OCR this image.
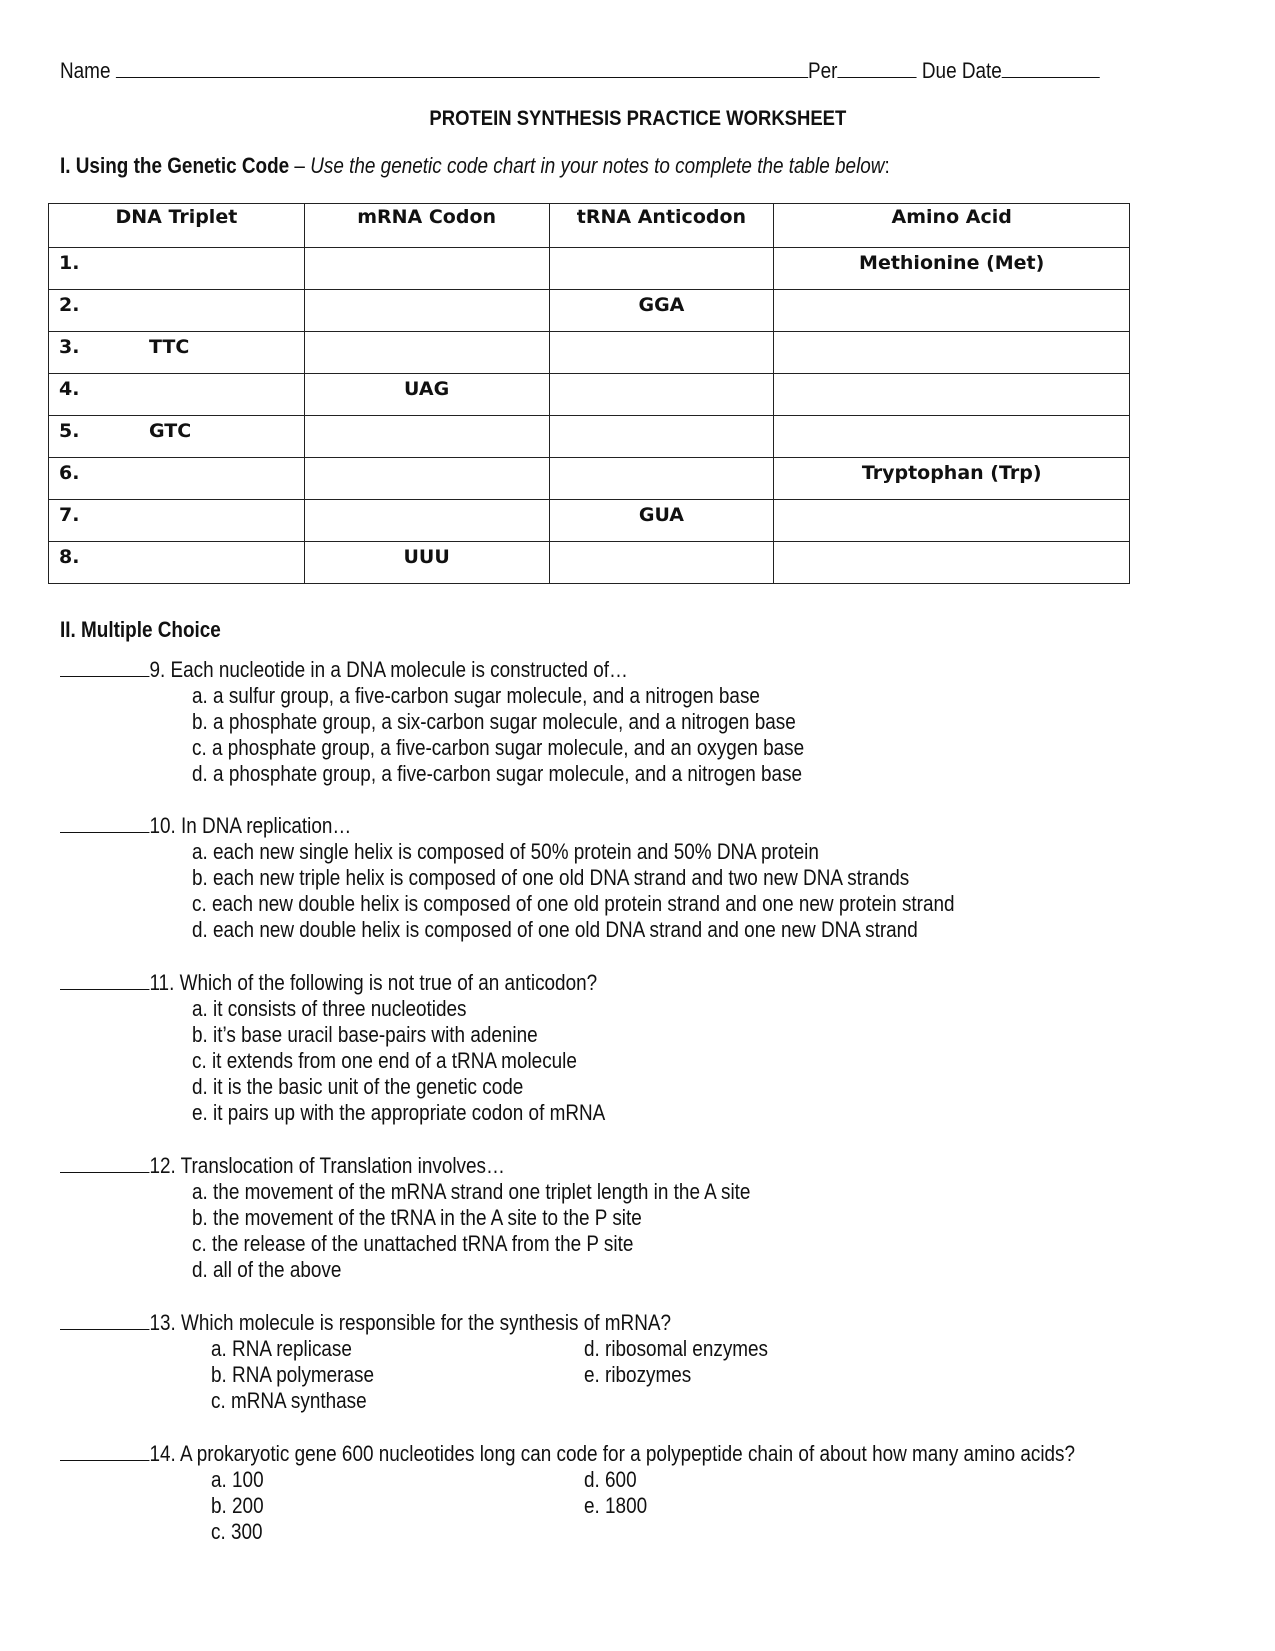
Name	Per	Due Date
PROTEIN SYNTHESIS PRACTICE WORKSHEET
I. Using the Genetic Code – Use the genetic code chart in your notes to complete the table below:
DNA Triplet	mRNA Codon	tRNA Anticodon	Amino Acid

1.			Methionine (Met)

2.		GGA	

3. TTC			

4.	UAG		

5. GTC			

6.			Tryptophan (Trp)

7.		GUA	

8.	UUU		

II. Multiple Choice
9. Each nucleotide in a DNA molecule is constructed of…
a. a sulfur group, a five-carbon sugar molecule, and a nitrogen base
b. a phosphate group, a six-carbon sugar molecule, and a nitrogen base
c. a phosphate group, a five-carbon sugar molecule, and an oxygen base
d. a phosphate group, a five-carbon sugar molecule, and a nitrogen base
10. In DNA replication…
a. each new single helix is composed of 50% protein and 50% DNA protein
b. each new triple helix is composed of one old DNA strand and two new DNA strands
c. each new double helix is composed of one old protein strand and one new protein strand
d. each new double helix is composed of one old DNA strand and one new DNA strand
11. Which of the following is not true of an anticodon?
a. it consists of three nucleotides
b. it’s base uracil base-pairs with adenine
c. it extends from one end of a tRNA molecule
d. it is the basic unit of the genetic code
e. it pairs up with the appropriate codon of mRNA
12. Translocation of Translation involves…
a. the movement of the mRNA strand one triplet length in the A site
b. the movement of the tRNA in the A site to the P site
c. the release of the unattached tRNA from the P site
d. all of the above
13. Which molecule is responsible for the synthesis of mRNA?
a. RNA replicase
b. RNA polymerase
c. mRNA synthase
d. ribosomal enzymes
e. ribozymes
14. A prokaryotic gene 600 nucleotides long can code for a polypeptide chain of about how many amino acids?
a. 100
b. 200
c. 300
d. 600
e. 1800
